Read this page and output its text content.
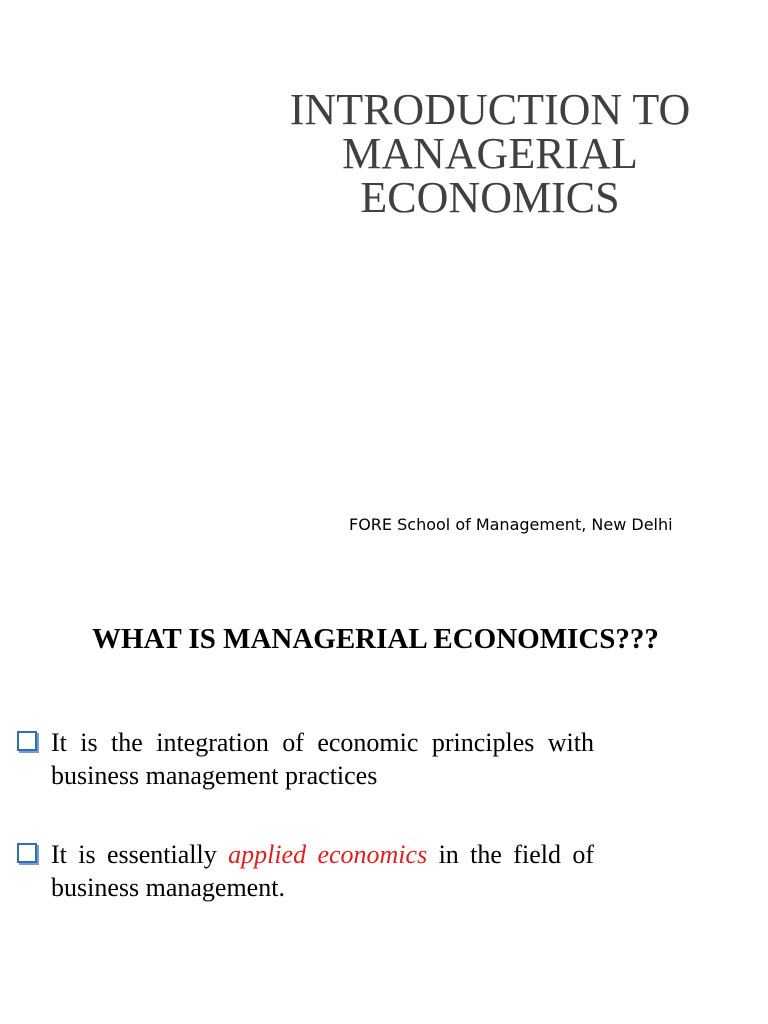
INTRODUCTION TO
MANAGERIAL
ECONOMICS
FORE School of Management, New Delhi
WHAT IS MANAGERIAL ECONOMICS???
It is the integration of economic principles with business management practices
It is essentially applied economics in the field of business management.
